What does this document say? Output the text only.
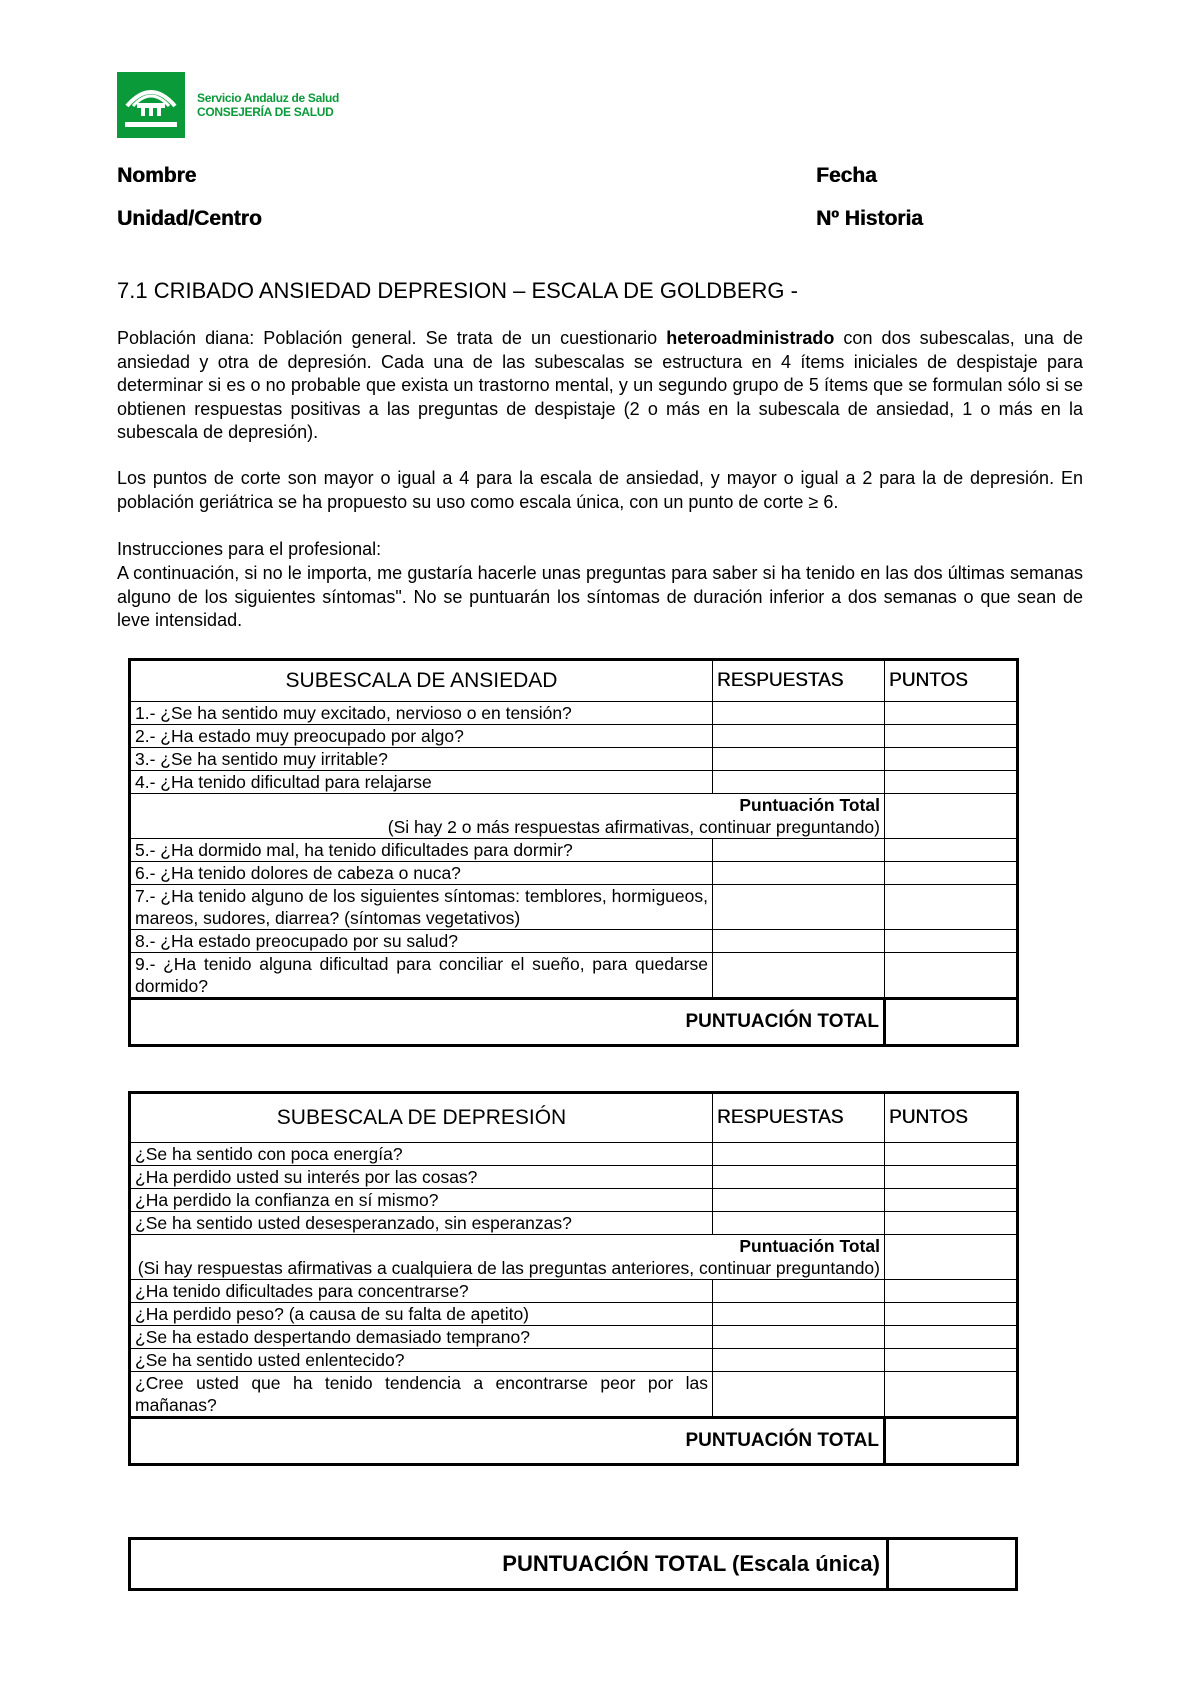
Servicio Andaluz de Salud
CONSEJERÍA DE SALUD
Nombre	Fecha
Unidad/Centro	Nº Historia
7.1 CRIBADO ANSIEDAD DEPRESION – ESCALA DE GOLDBERG -
Población diana: Población general. Se trata de un cuestionario heteroadministrado con dos subescalas, una de ansiedad y otra de depresión. Cada una de las subescalas se estructura en 4 ítems iniciales de despistaje para determinar si es o no probable que exista un trastorno mental, y un segundo grupo de 5 ítems que se formulan sólo si se obtienen respuestas positivas a las preguntas de despistaje (2 o más en la subescala de ansiedad, 1 o más en la subescala de depresión).
Los puntos de corte son mayor o igual a 4 para la escala de ansiedad, y mayor o igual a 2 para la de depresión. En población geriátrica se ha propuesto su uso como escala única, con un punto de corte ≥ 6.
Instrucciones para el profesional:
A continuación, si no le importa, me gustaría hacerle unas preguntas para saber si ha tenido en las dos últimas semanas alguno de los siguientes síntomas". No se puntuarán los síntomas de duración inferior a dos semanas o que sean de leve intensidad.
SUBESCALA DE ANSIEDAD	RESPUESTAS	PUNTOS
1.- ¿Se ha sentido muy excitado, nervioso o en tensión?		
2.- ¿Ha estado muy preocupado por algo?		
3.- ¿Se ha sentido muy irritable?		
4.- ¿Ha tenido dificultad para relajarse		

Puntuación Total
(Si hay 2 o más respuestas afirmativas, continuar preguntando)		

5.- ¿Ha dormido mal, ha tenido dificultades para dormir?		
6.- ¿Ha tenido dolores de cabeza o nuca?		
7.- ¿Ha tenido alguno de los siguientes síntomas: temblores, hormigueos, mareos, sudores, diarrea? (síntomas vegetativos)		
8.- ¿Ha estado preocupado por su salud?		
9.- ¿Ha tenido alguna dificultad para conciliar el sueño, para quedarse dormido?		
PUNTUACIÓN TOTAL		
SUBESCALA DE DEPRESIÓN	RESPUESTAS	PUNTOS
¿Se ha sentido con poca energía?		
¿Ha perdido usted su interés por las cosas?		
¿Ha perdido la confianza en sí mismo?		
¿Se ha sentido usted desesperanzado, sin esperanzas?		

Puntuación Total
(Si hay respuestas afirmativas a cualquiera de las preguntas anteriores, continuar preguntando)		

¿Ha tenido dificultades para concentrarse?		
¿Ha perdido peso? (a causa de su falta de apetito)		
¿Se ha estado despertando demasiado temprano?		
¿Se ha sentido usted enlentecido?		
¿Cree usted que ha tenido tendencia a encontrarse peor por las mañanas?		
PUNTUACIÓN TOTAL		
PUNTUACIÓN TOTAL (Escala única)
